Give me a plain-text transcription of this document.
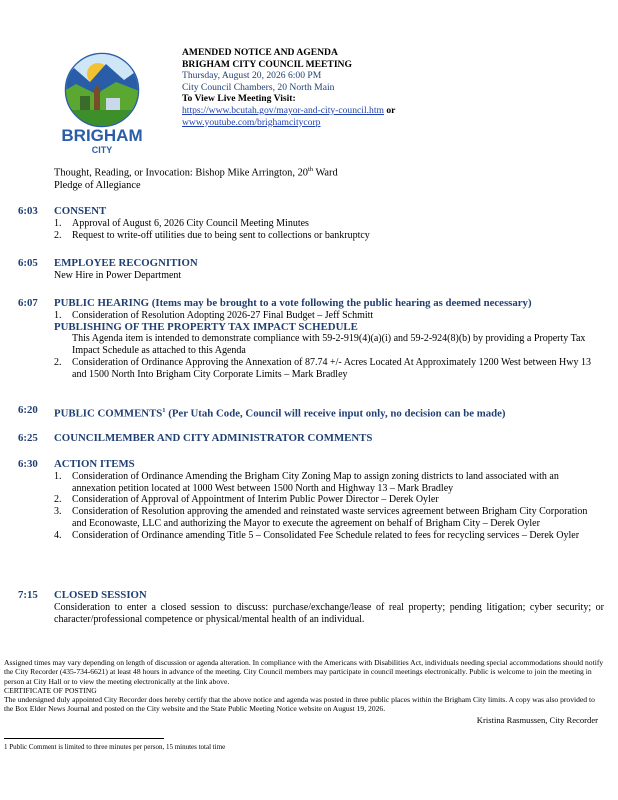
BRIGHAM
CITY
AMENDED NOTICE AND AGENDA
BRIGHAM CITY COUNCIL MEETING
Thursday, August 20, 2026 6:00 PM
City Council Chambers, 20 North Main
To View Live Meeting Visit:
https://www.bcutah.gov/mayor-and-city-council.htm or
www.youtube.com/brighamcitycorp
Thought, Reading, or Invocation: Bishop Mike Arrington, 20th Ward
Pledge of Allegiance
6:03 CONSENT
1. Approval of August 6, 2026 City Council Meeting Minutes
2. Request to write-off utilities due to being sent to collections or bankruptcy
6:05 EMPLOYEE RECOGNITION
New Hire in Power Department
6:07 PUBLIC HEARING (Items may be brought to a vote following the public hearing as deemed necessary)
1. Consideration of Resolution Adopting 2026-27 Final Budget – Jeff Schmitt
PUBLISHING OF THE PROPERTY TAX IMPACT SCHEDULE
This Agenda item is intended to demonstrate compliance with 59-2-919(4)(a)(i) and 59-2-924(8)(b) by providing a Property Tax Impact Schedule as attached to this Agenda
2. Consideration of Ordinance Approving the Annexation of 87.74 +/- Acres Located At Approximately 1200 West between Hwy 13 and 1500 North Into Brigham City Corporate Limits – Mark Bradley
6:20 PUBLIC COMMENTS$^1$ (Per Utah Code, Council will receive input only, no decision can be made)
6:25 COUNCILMEMBER AND CITY ADMINISTRATOR COMMENTS
6:30 ACTION ITEMS
1. Consideration of Ordinance Amending the Brigham City Zoning Map to assign zoning districts to land associated with an annexation petition located at 1000 West between 1500 North and Highway 13 – Mark Bradley
2. Consideration of Approval of Appointment of Interim Public Power Director – Derek Oyler
3. Consideration of Resolution approving the amended and reinstated waste services agreement between Brigham City Corporation and Econowaste, LLC and authorizing the Mayor to execute the agreement on behalf of Brigham City – Derek Oyler
4. Consideration of Ordinance amending Title 5 – Consolidated Fee Schedule related to fees for recycling services – Derek Oyler
7:15 CLOSED SESSION
Consideration to enter a closed session to discuss: purchase/exchange/lease of real property; pending litigation; cyber security; or character/professional competence or physical/mental health of an individual.
Assigned times may vary depending on length of discussion or agenda alteration. In compliance with the Americans with Disabilities Act, individuals needing special accommodations should notify the City Recorder (435-734-6621) at least 48 hours in advance of the meeting. City Council members may participate in council meetings electronically. Public is welcome to join the meeting in person at City Hall or to view the meeting electronically at the link above.
CERTIFICATE OF POSTING
The undersigned duly appointed City Recorder does hereby certify that the above notice and agenda was posted in three public places within the Brigham City limits. A copy was also provided to the Box Elder News Journal and posted on the City website and the State Public Meeting Notice website on August 19, 2026.
Kristina Rasmussen, City Recorder
1 Public Comment is limited to three minutes per person, 15 minutes total time
